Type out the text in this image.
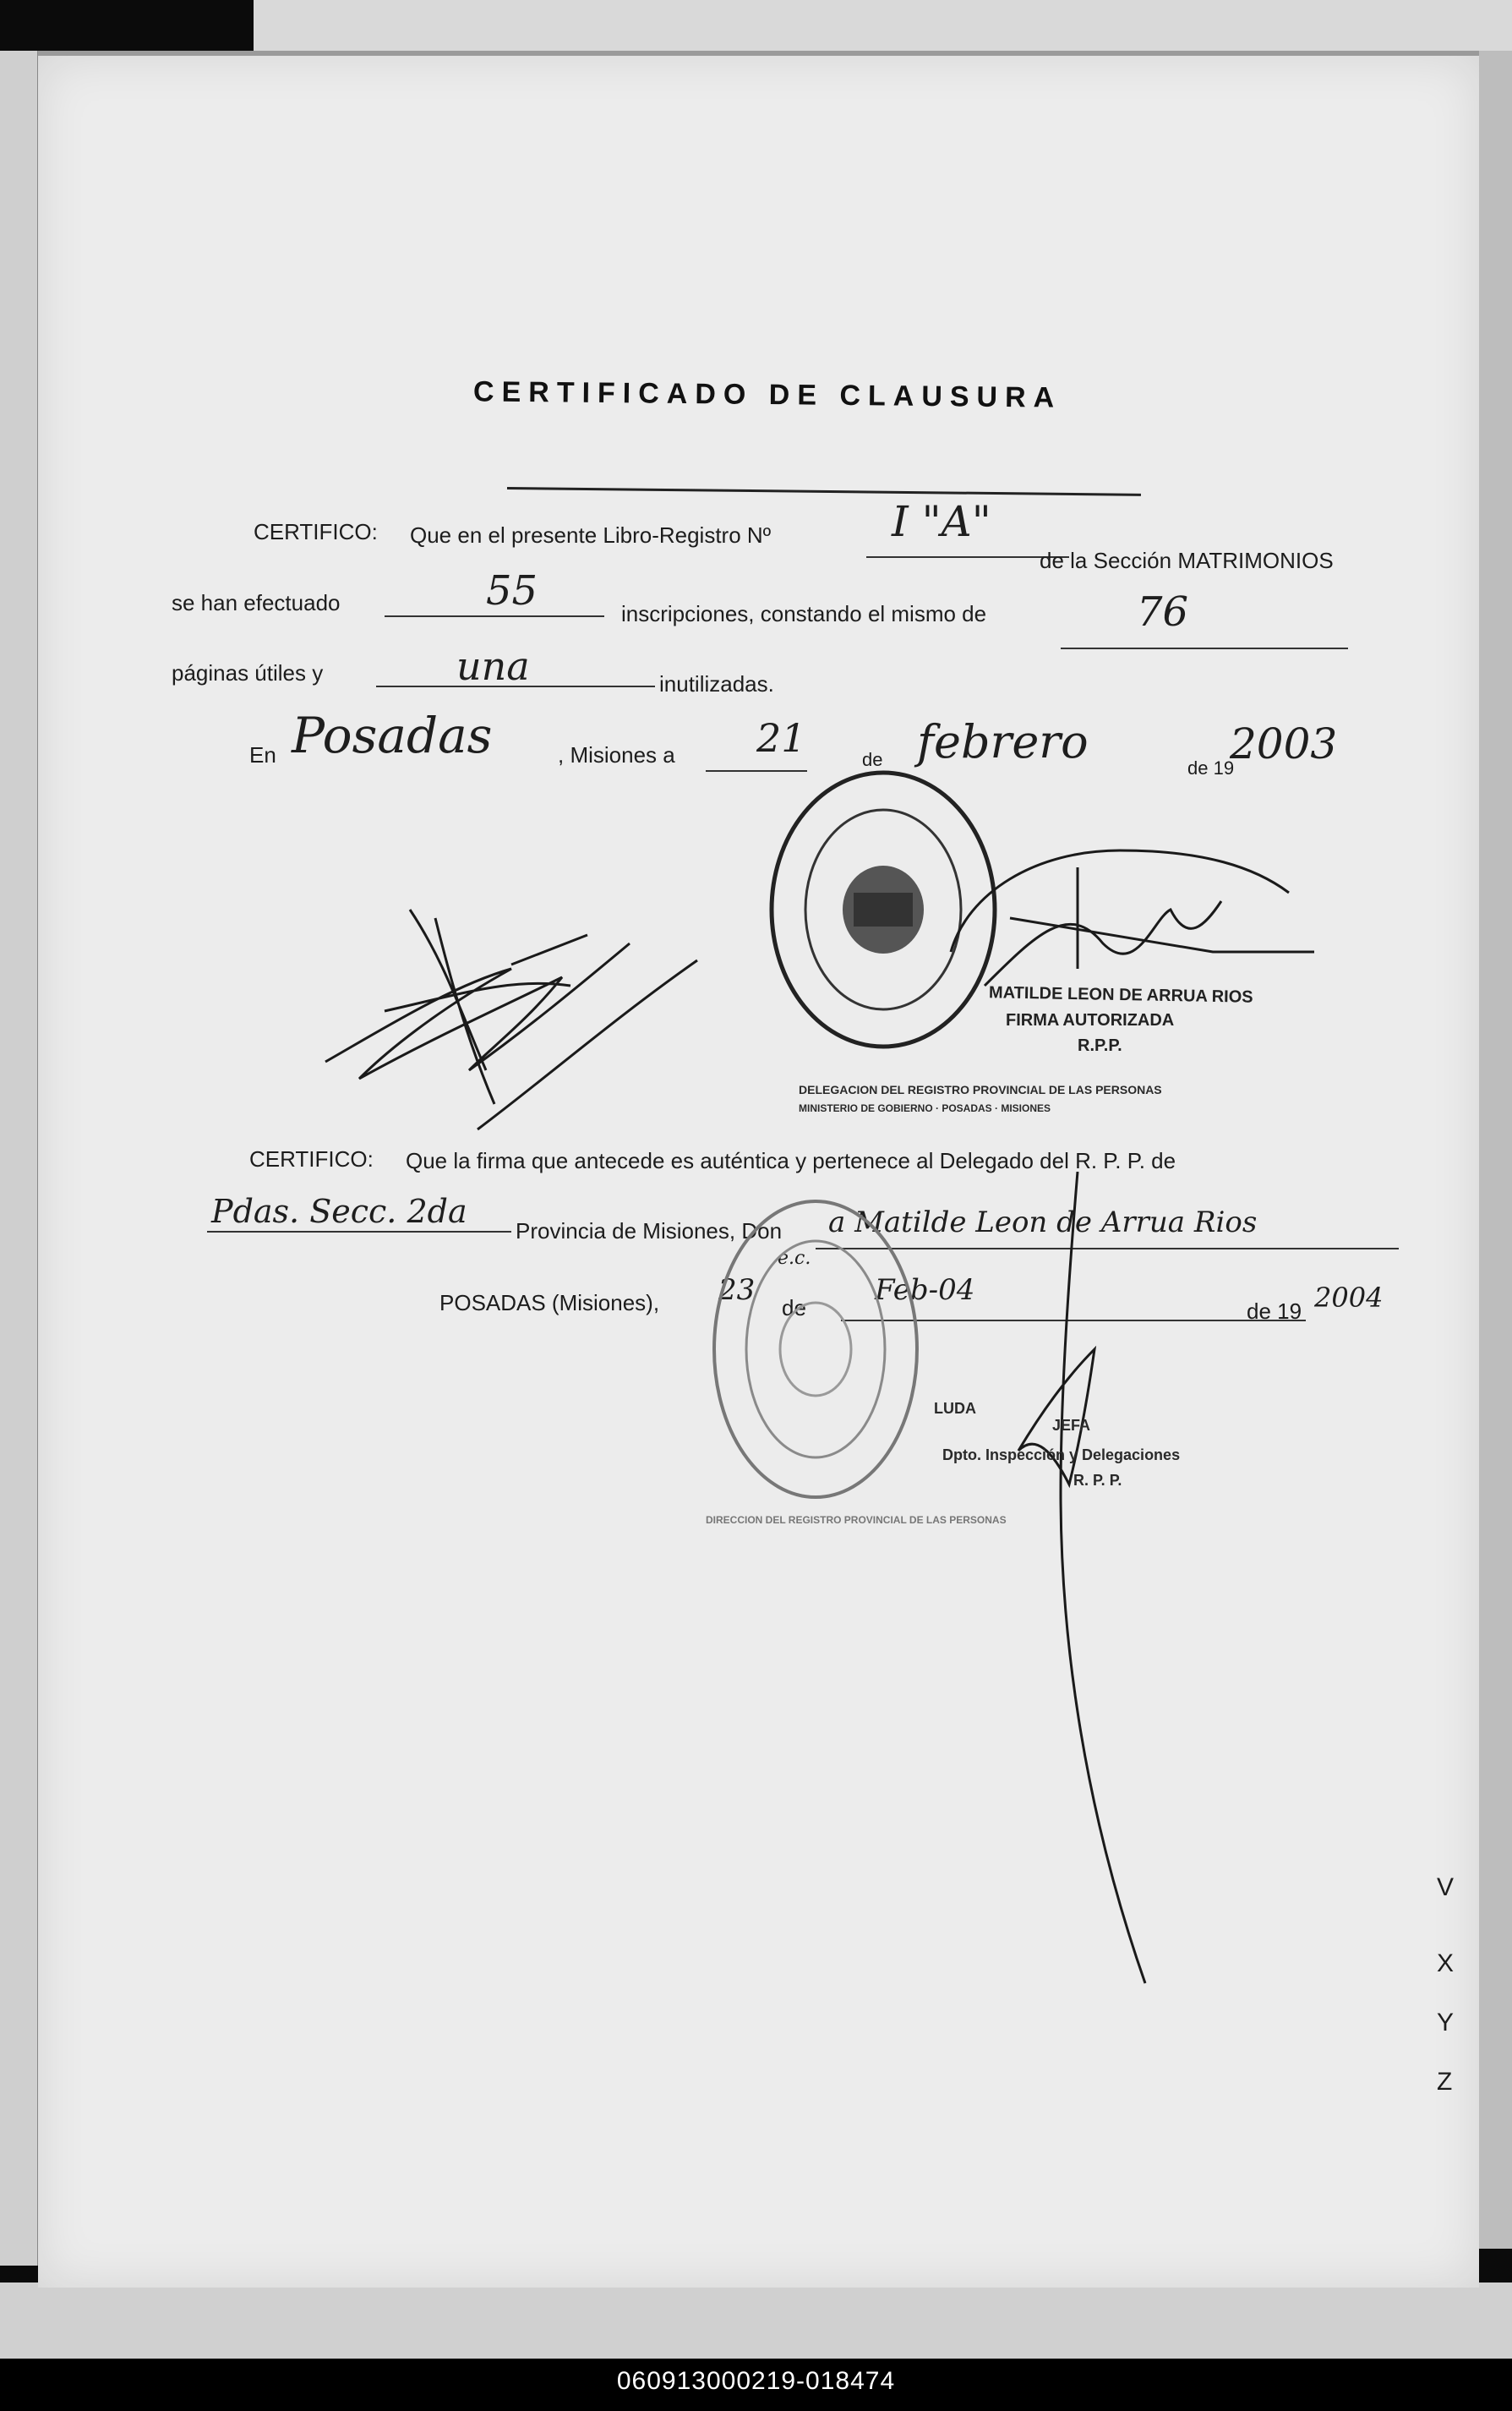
CERTIFICADO DE CLAUSURA
CERTIFICO: Que en el presente Libro-Registro Nº	I "A"
de la Sección MATRIMONIOS
se han efectuado	55	inscripciones, constando el mismo de	76
páginas útiles y	una	inutilizadas.
En Posadas	, Misiones a 21	de febrero	de 19
2003
DELEGACION DEL REGISTRO PROVINCIAL DE LAS PERSONAS
MINISTERIO DE GOBIERNO · POSADAS · MISIONES
MATILDE LEON DE ARRUA RIOS
FIRMA AUTORIZADA
R.P.P.
CERTIFICO: Que la firma que antecede es auténtica y pertenece al Delegado del R. P. P. de
Pdas. Secc. 2da
Provincia de Misiones, Don a Matilde Leon de Arrua Rios
e.c.
POSADAS (Misiones), 23
de
Feb-04
de 19 2004
DIRECCION DEL REGISTRO PROVINCIAL DE LAS PERSONAS
LUDA
JEFA
Dpto. Inspección y Delegaciones
R. P. P.
V
X
Y
Z
060913000219-018474
